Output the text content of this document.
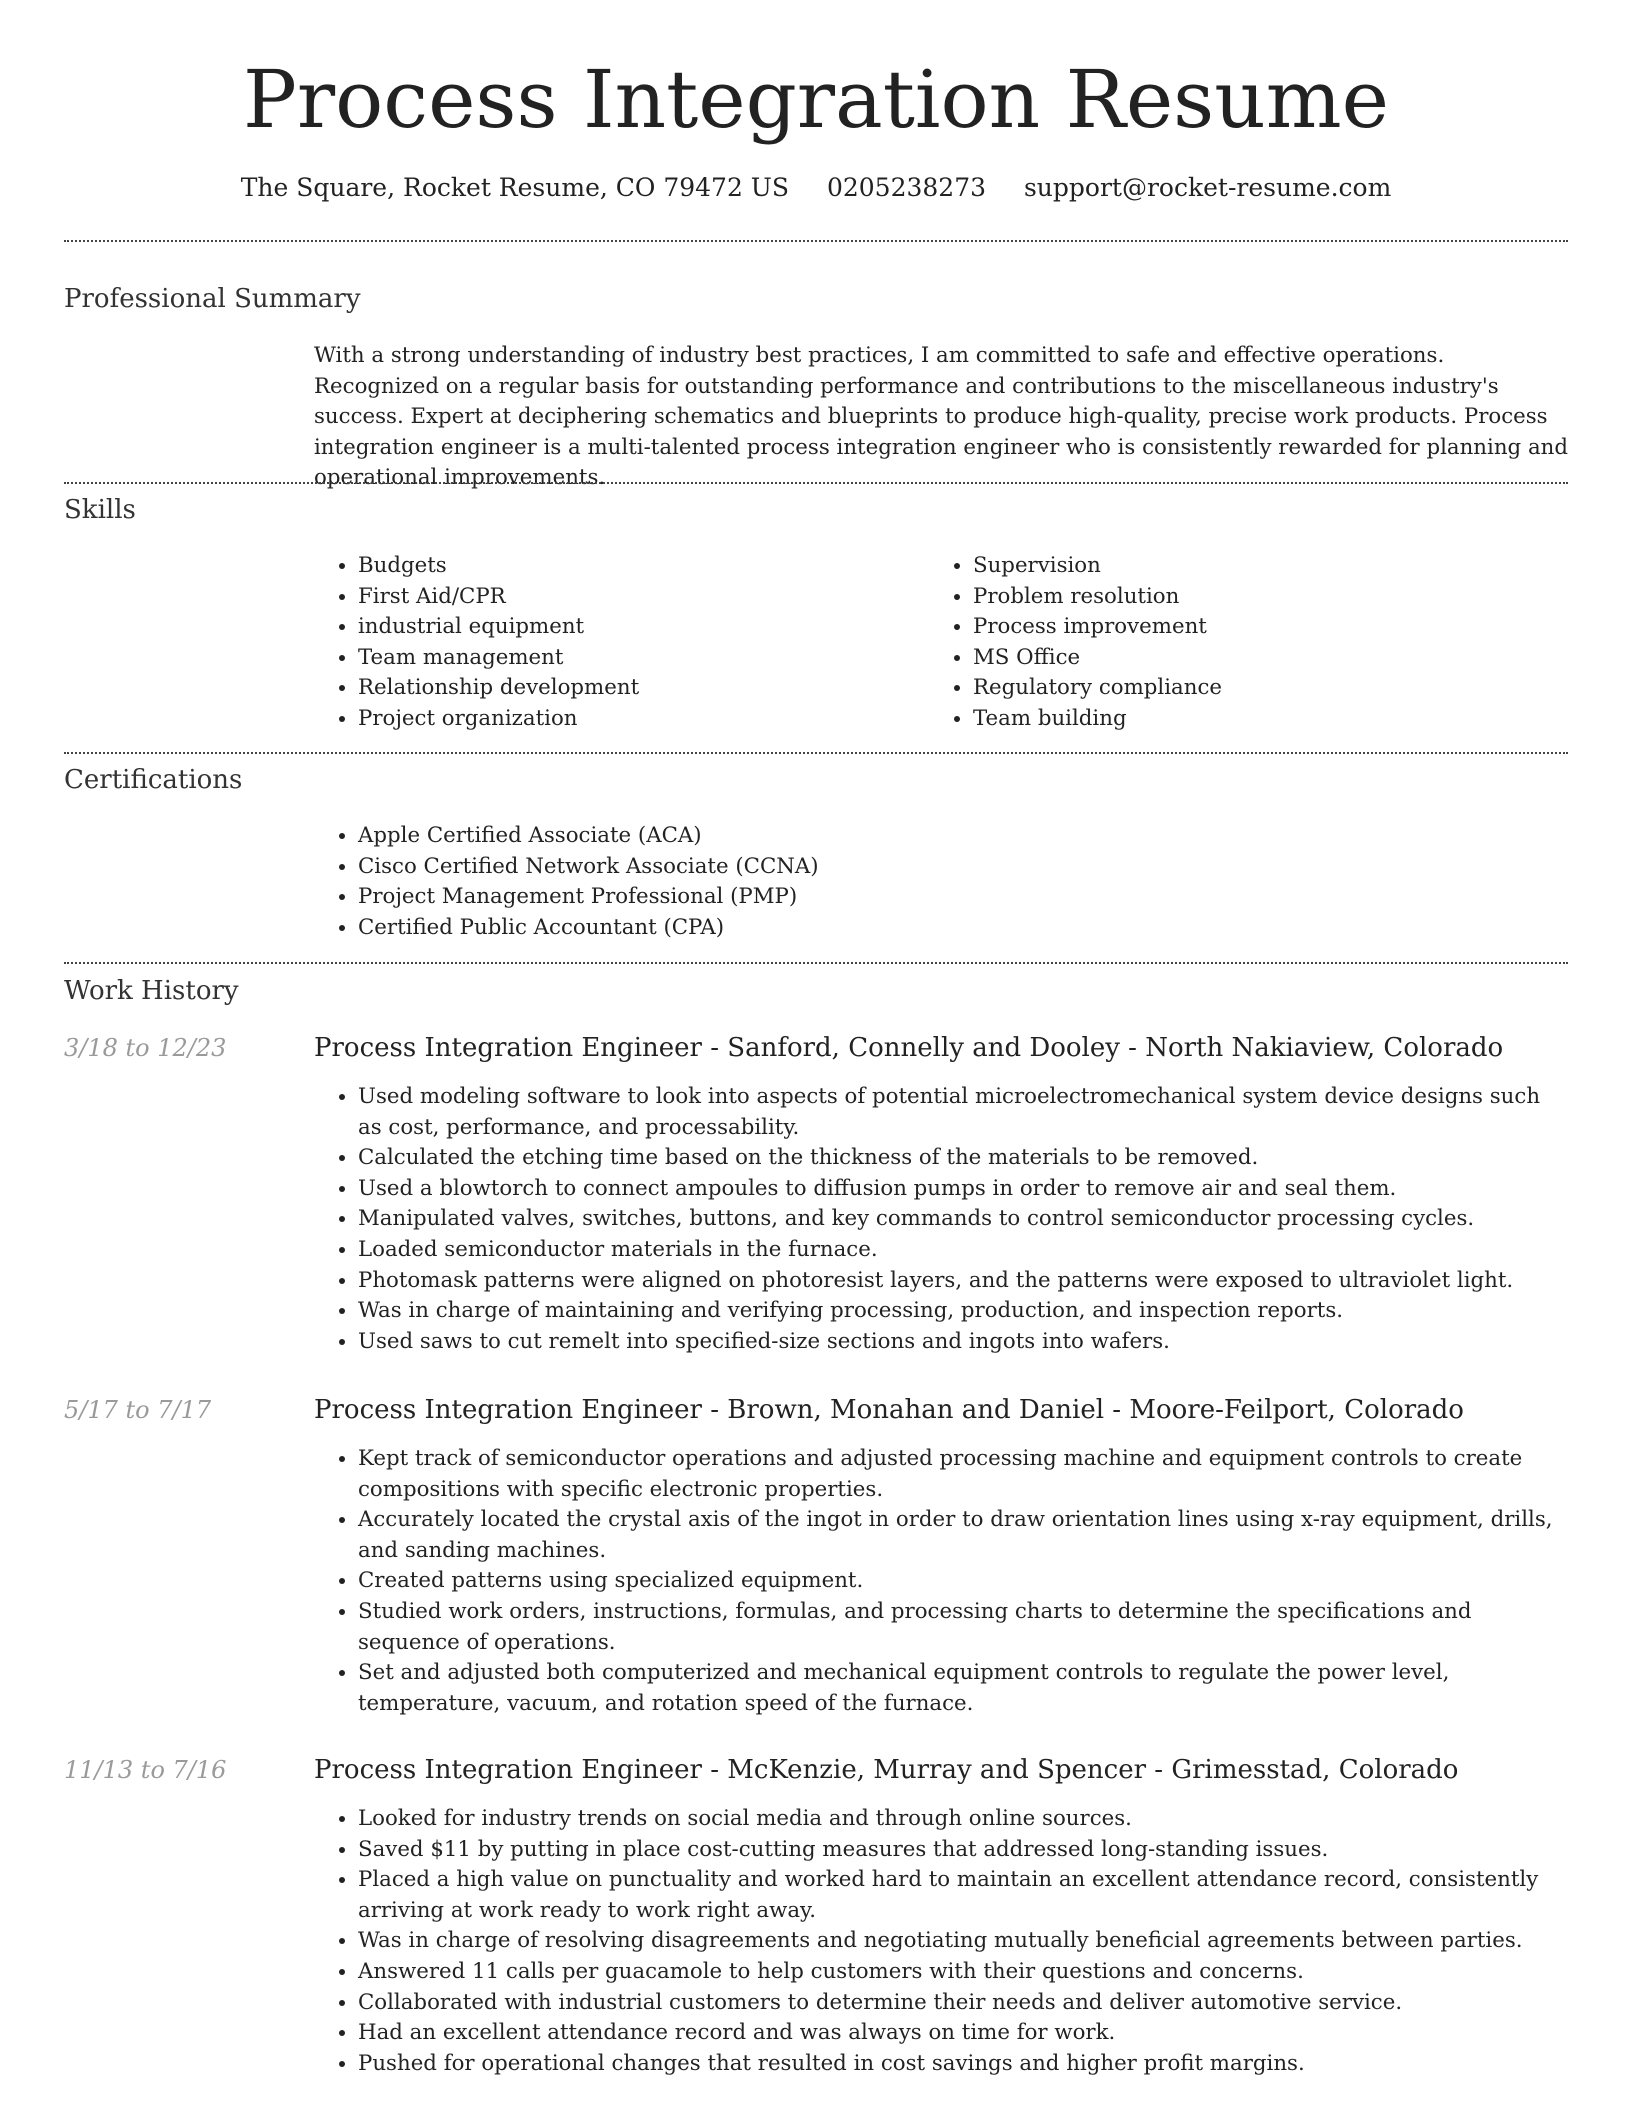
Process Integration Resume
The Square, Rocket Resume, CO 79472 US 0205238273 support@rocket-resume.com
Professional Summary

With a strong understanding of industry best practices, I am committed to safe and effective operations. Recognized on a regular basis for outstanding performance and contributions to the miscellaneous industry's success. Expert at deciphering schematics and blueprints to produce high-quality, precise work products. Process integration engineer is a multi-talented process integration engineer who is consistently rewarded for planning and operational improvements.

Skills
• Budgets
• First Aid/CPR
• industrial equipment
• Team management
• Relationship development
• Project organization
• Supervision
• Problem resolution
• Process improvement
• MS Office
• Regulatory compliance
• Team building
Certifications
• Apple Certified Associate (ACA)
• Cisco Certified Network Associate (CCNA)
• Project Management Professional (PMP)
• Certified Public Accountant (CPA)
Work History
3/18 to 12/23	Process Integration Engineer - Sanford, Connelly and Dooley - North Nakiaview, Colorado
• Used modeling software to look into aspects of potential microelectromechanical system device designs such as cost, performance, and processability.
• Calculated the etching time based on the thickness of the materials to be removed.
• Used a blowtorch to connect ampoules to diffusion pumps in order to remove air and seal them.
• Manipulated valves, switches, buttons, and key commands to control semiconductor processing cycles.
• Loaded semiconductor materials in the furnace.
• Photomask patterns were aligned on photoresist layers, and the patterns were exposed to ultraviolet light.
• Was in charge of maintaining and verifying processing, production, and inspection reports.
• Used saws to cut remelt into specified-size sections and ingots into wafers.
5/17 to 7/17	Process Integration Engineer - Brown, Monahan and Daniel - Moore-Feilport, Colorado
• Kept track of semiconductor operations and adjusted processing machine and equipment controls to create compositions with specific electronic properties.
• Accurately located the crystal axis of the ingot in order to draw orientation lines using x-ray equipment, drills, and sanding machines.
• Created patterns using specialized equipment.
• Studied work orders, instructions, formulas, and processing charts to determine the specifications and sequence of operations.
• Set and adjusted both computerized and mechanical equipment controls to regulate the power level, temperature, vacuum, and rotation speed of the furnace.
11/13 to 7/16	Process Integration Engineer - McKenzie, Murray and Spencer - Grimesstad, Colorado
• Looked for industry trends on social media and through online sources.
• Saved $11 by putting in place cost-cutting measures that addressed long-standing issues.
• Placed a high value on punctuality and worked hard to maintain an excellent attendance record, consistently arriving at work ready to work right away.
• Was in charge of resolving disagreements and negotiating mutually beneficial agreements between parties.
• Answered 11 calls per guacamole to help customers with their questions and concerns.
• Collaborated with industrial customers to determine their needs and deliver automotive service.
• Had an excellent attendance record and was always on time for work.
• Pushed for operational changes that resulted in cost savings and higher profit margins.
